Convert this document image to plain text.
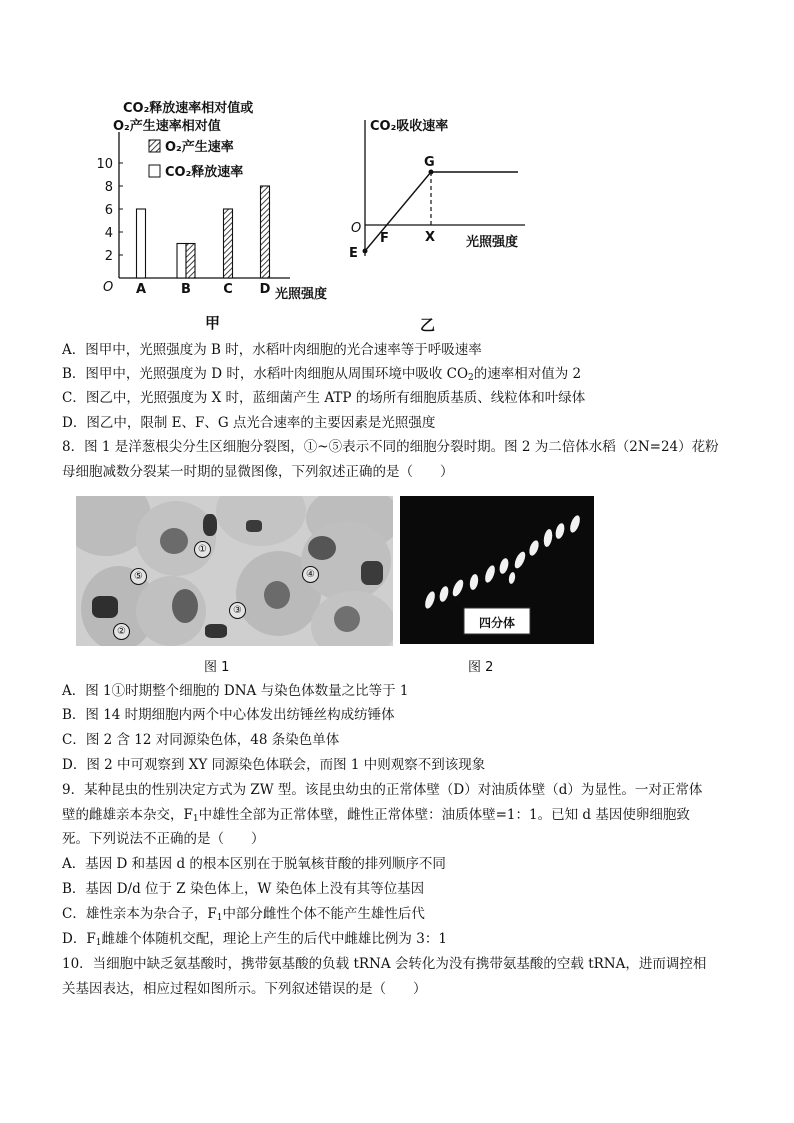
CO₂释放速率相对值或
O₂产生速率相对值
O₂产生速率
CO₂释放速率
O	光照强度
2
4
6
8
10
A	B C D
甲
CO₂吸收速率
O
G
E
F	X 光照强度
乙
A．图甲中，光照强度为 B 时，水稻叶肉细胞的光合速率等于呼吸速率
B．图甲中，光照强度为 D 时，水稻叶肉细胞从周围环境中吸收 $CO_2$的速率相对值为 2
C．图乙中，光照强度为 X 时，蓝细菌产生 ATP 的场所有细胞质基质、线粒体和叶绿体
D．图乙中，限制 E、F、G 点光合速率的主要因素是光照强度
8．图 1 是洋葱根尖分生区细胞分裂图，①~⑤表示不同的细胞分裂时期。图 2 为二倍体水稻（2N=24）花粉
母细胞减数分裂某一时期的显微图像，下列叙述正确的是（　　）
①
②
③
④
⑤
四分体
图 1	图 2
A．图 1①时期整个细胞的 DNA 与染色体数量之比等于 1
B．图 14 时期细胞内两个中心体发出纺锤丝构成纺锤体
C．图 2 含 12 对同源染色体，48 条染色单体
D．图 2 中可观察到 XY 同源染色体联会，而图 1 中则观察不到该现象
9．某种昆虫的性别决定方式为 ZW 型。该昆虫幼虫的正常体壁（D）对油质体壁（d）为显性。一对正常体
壁的雌雄亲本杂交，$F_1$中雄性全部为正常体壁，雌性正常体壁：油质体壁=1：1。已知 d 基因使卵细胞致
死。下列说法不正确的是（　　）
A．基因 D 和基因 d 的根本区别在于脱氧核苷酸的排列顺序不同
B．基因 D/d 位于 Z 染色体上，W 染色体上没有其等位基因
C．雄性亲本为杂合子，$F_1$中部分雌性个体不能产生雄性后代
D．$F_1$雌雄个体随机交配，理论上产生的后代中雌雄比例为 3：1
10．当细胞中缺乏氨基酸时，携带氨基酸的负载 tRNA 会转化为没有携带氨基酸的空载 tRNA，进而调控相
关基因表达，相应过程如图所示。下列叙述错误的是（　　）
